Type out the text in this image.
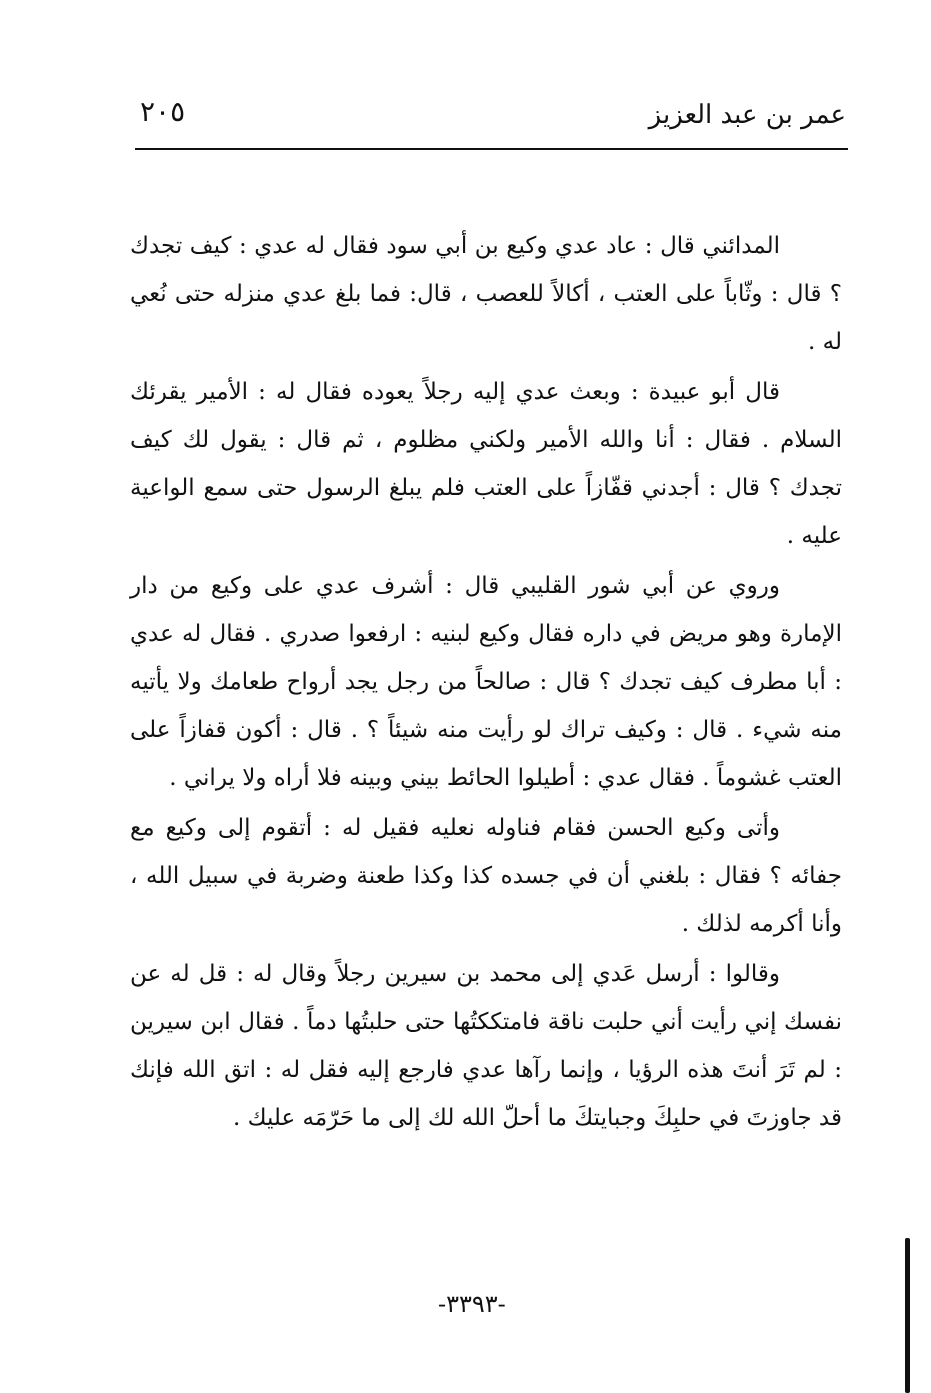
عمر بن عبد العزيز
٢٠٥

المدائني قال : عاد عدي وكيع بن أبي سود فقال له عدي : كيف تجدك ؟ قال : وثّاباً على العتب ، أكالاً للعصب ، قال: فما بلغ عدي منزله حتى نُعي له .

قال أبو عبيدة : وبعث عدي إليه رجلاً يعوده فقال له : الأمير يقرئك السلام . فقال : أنا والله الأمير ولكني مظلوم ، ثم قال : يقول لك كيف تجدك ؟ قال : أجدني قفّازاً على العتب فلم يبلغ الرسول حتى سمع الواعية عليه .

وروي عن أبي شور القليبي قال : أشرف عدي على وكيع من دار الإمارة وهو مريض في داره فقال وكيع لبنيه : ارفعوا صدري . فقال له عدي : أبا مطرف كيف تجدك ؟ قال : صالحاً من رجل يجد أرواح طعامك ولا يأتيه منه شيء . قال : وكيف تراك لو رأيت منه شيئاً ؟ . قال : أكون قفازاً على العتب غشوماً . فقال عدي : أطيلوا الحائط بيني وبينه فلا أراه ولا يراني .

وأتى وكيع الحسن فقام فناوله نعليه فقيل له : أتقوم إلى وكيع مع جفائه ؟ فقال : بلغني أن في جسده كذا وكذا طعنة وضربة في سبيل الله ، وأنا أكرمه لذلك .

وقالوا : أرسل عَدي إلى محمد بن سيرين رجلاً وقال له : قل له عن نفسك إني رأيت أني حلبت ناقة فامتككتُها حتى حلبتُها دماً . فقال ابن سيرين : لم تَرَ أنتَ هذه الرؤيا ، وإنما رآها عدي فارجع إليه فقل له : اتق الله فإنك قد جاوزتَ في حلبِكَ وجبايتكَ ما أحلّ الله لك إلى ما حَرّمَه عليك .

-٣٣٩٣-
